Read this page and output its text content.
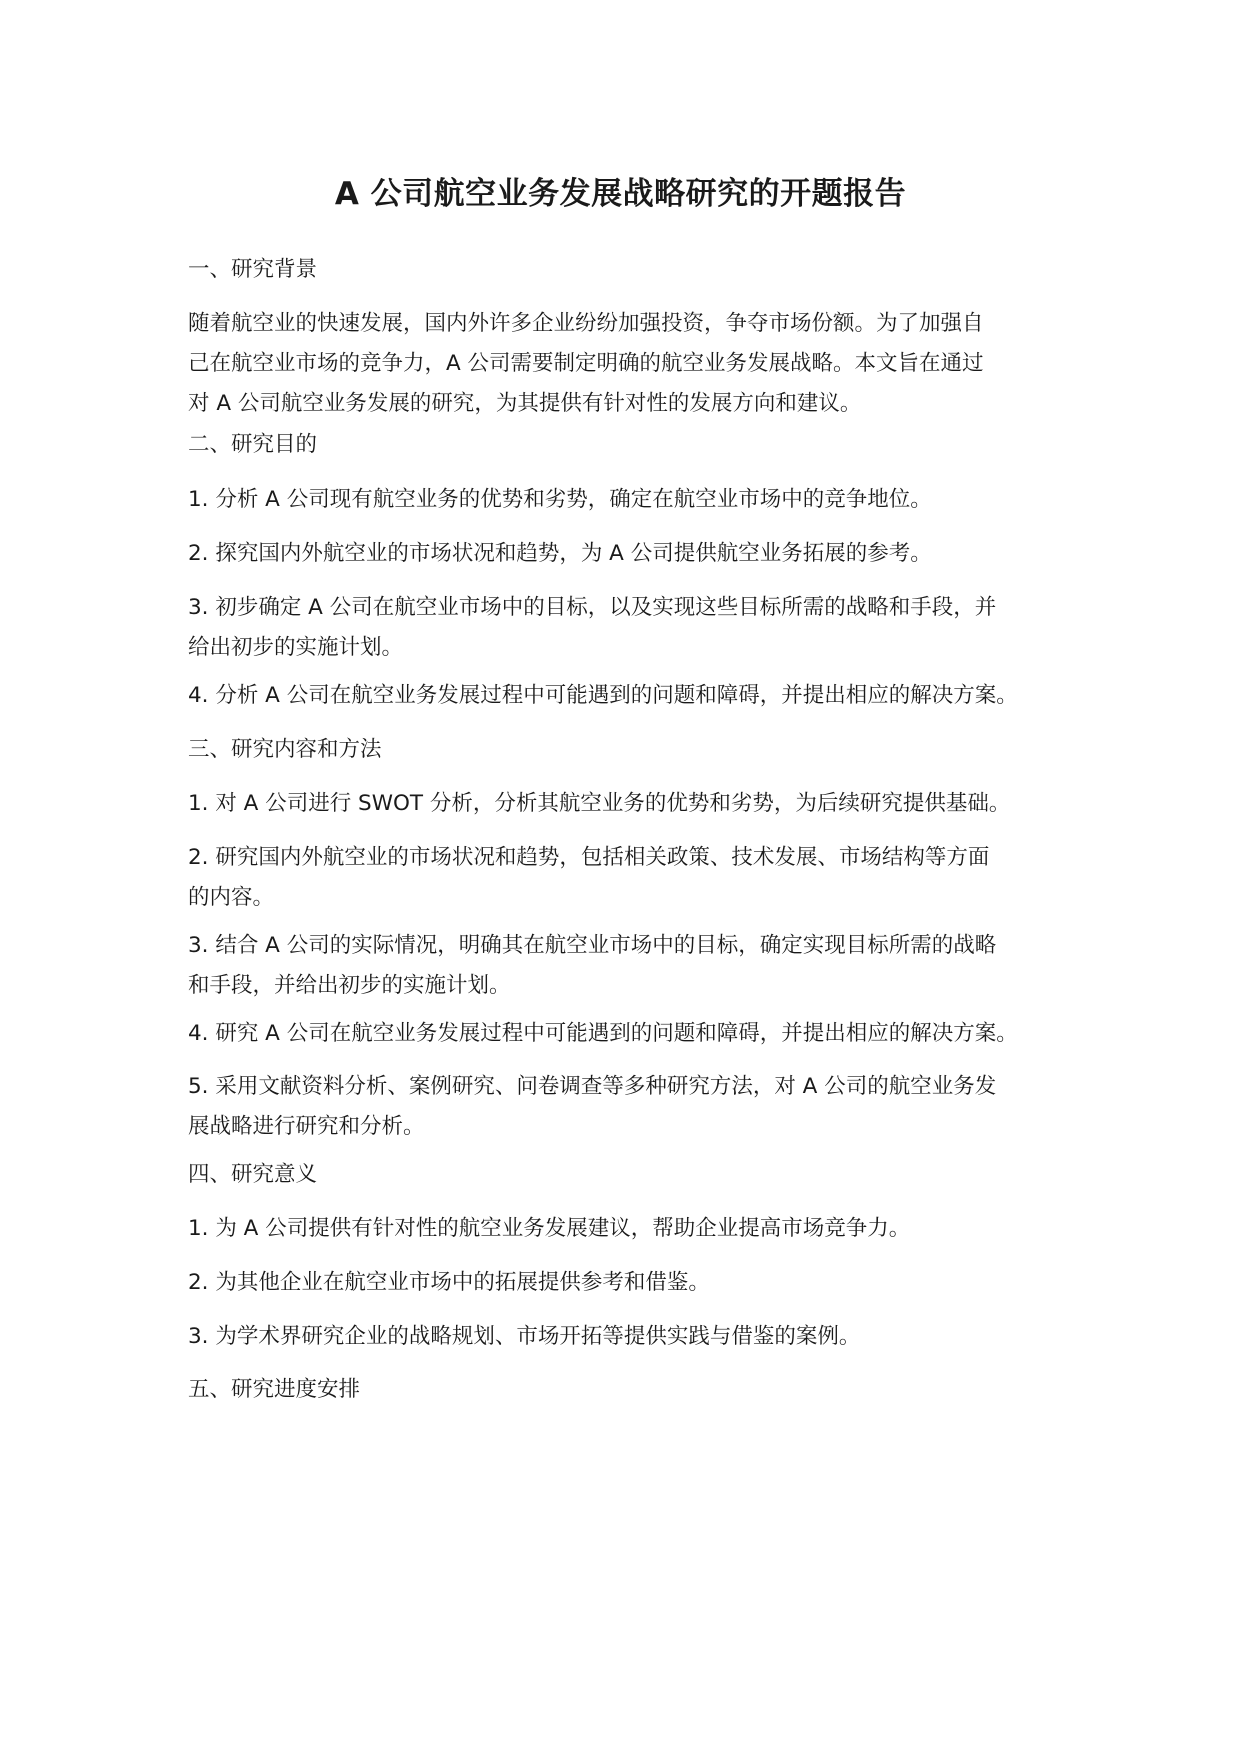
A 公司航空业务发展战略研究的开题报告
一、研究背景
随着航空业的快速发展，国内外许多企业纷纷加强投资，争夺市场份额。为了加强自
己在航空业市场的竞争力，A 公司需要制定明确的航空业务发展战略。本文旨在通过
对 A 公司航空业务发展的研究，为其提供有针对性的发展方向和建议。
二、研究目的
1. 分析 A 公司现有航空业务的优势和劣势，确定在航空业市场中的竞争地位。
2. 探究国内外航空业的市场状况和趋势，为 A 公司提供航空业务拓展的参考。
3. 初步确定 A 公司在航空业市场中的目标，以及实现这些目标所需的战略和手段，并
给出初步的实施计划。
4. 分析 A 公司在航空业务发展过程中可能遇到的问题和障碍，并提出相应的解决方案。
三、研究内容和方法
1. 对 A 公司进行 SWOT 分析，分析其航空业务的优势和劣势，为后续研究提供基础。
2. 研究国内外航空业的市场状况和趋势，包括相关政策、技术发展、市场结构等方面
的内容。
3. 结合 A 公司的实际情况，明确其在航空业市场中的目标，确定实现目标所需的战略
和手段，并给出初步的实施计划。
4. 研究 A 公司在航空业务发展过程中可能遇到的问题和障碍，并提出相应的解决方案。
5. 采用文献资料分析、案例研究、问卷调查等多种研究方法，对 A 公司的航空业务发
展战略进行研究和分析。
四、研究意义
1. 为 A 公司提供有针对性的航空业务发展建议，帮助企业提高市场竞争力。
2. 为其他企业在航空业市场中的拓展提供参考和借鉴。
3. 为学术界研究企业的战略规划、市场开拓等提供实践与借鉴的案例。
五、研究进度安排
